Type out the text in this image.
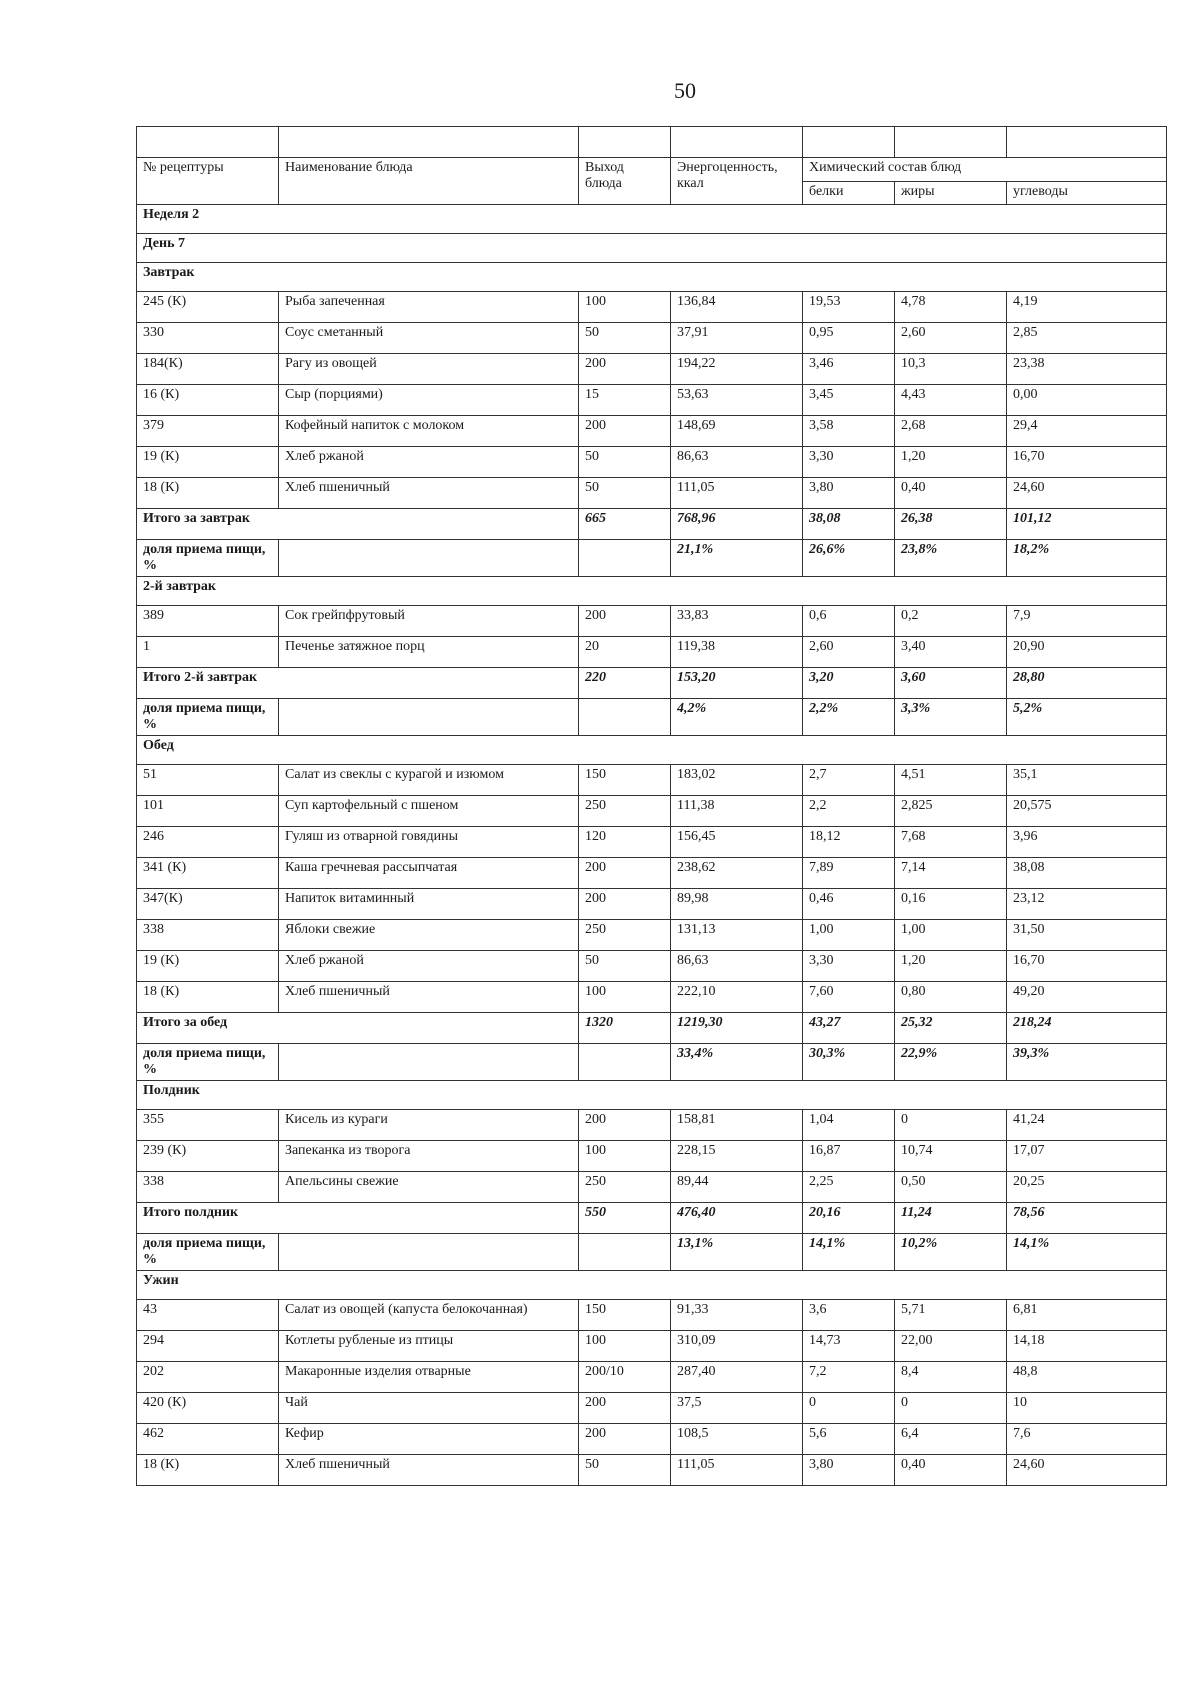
50

№ рецептуры	Наименование блюда	Выход блюда	Энергоценность, ккал	Химический состав блюд		
				белки	жиры	углеводы
Неделя 2						
День 7						
Завтрак						
245 (К)	Рыба запеченная	100	136,84	19,53	4,78	4,19
330	Соус сметанный	50	37,91	0,95	2,60	2,85
184(К)	Рагу из овощей	200	194,22	3,46	10,3	23,38
16 (К)	Сыр (порциями)	15	53,63	3,45	4,43	0,00
379	Кофейный напиток с молоком	200	148,69	3,58	2,68	29,4
19 (К)	Хлеб ржаной	50	86,63	3,30	1,20	16,70
18 (К)	Хлеб пшеничный	50	111,05	3,80	0,40	24,60
Итого за завтрак		665	768,96	38,08	26,38	101,12
доля приема пищи, %			21,1%	26,6%	23,8%	18,2%
2-й завтрак						
389	Сок грейпфрутовый	200	33,83	0,6	0,2	7,9
1	Печенье затяжное порц	20	119,38	2,60	3,40	20,90
Итого 2-й завтрак		220	153,20	3,20	3,60	28,80
доля приема пищи, %			4,2%	2,2%	3,3%	5,2%
Обед						
51	Салат из свеклы с курагой и изюмом	150	183,02	2,7	4,51	35,1
101	Суп картофельный с пшеном	250	111,38	2,2	2,825	20,575
246	Гуляш из отварной говядины	120	156,45	18,12	7,68	3,96
341 (К)	Каша гречневая рассыпчатая	200	238,62	7,89	7,14	38,08
347(К)	Напиток витаминный	200	89,98	0,46	0,16	23,12
338	Яблоки свежие	250	131,13	1,00	1,00	31,50
19 (К)	Хлеб ржаной	50	86,63	3,30	1,20	16,70
18 (К)	Хлеб пшеничный	100	222,10	7,60	0,80	49,20
Итого за обед		1320	1219,30	43,27	25,32	218,24
доля приема пищи, %			33,4%	30,3%	22,9%	39,3%
Полдник						
355	Кисель из кураги	200	158,81	1,04	0	41,24
239 (К)	Запеканка из творога	100	228,15	16,87	10,74	17,07
338	Апельсины свежие	250	89,44	2,25	0,50	20,25
Итого полдник		550	476,40	20,16	11,24	78,56
доля приема пищи, %			13,1%	14,1%	10,2%	14,1%
Ужин						
43	Салат из овощей (капуста белокочанная)	150	91,33	3,6	5,71	6,81
294	Котлеты рубленые из птицы	100	310,09	14,73	22,00	14,18
202	Макаронные изделия отварные	200/10	287,40	7,2	8,4	48,8
420 (К)	Чай	200	37,5	0	0	10
462	Кефир	200	108,5	5,6	6,4	7,6
18 (К)	Хлеб пшеничный	50	111,05	3,80	0,40	24,60
